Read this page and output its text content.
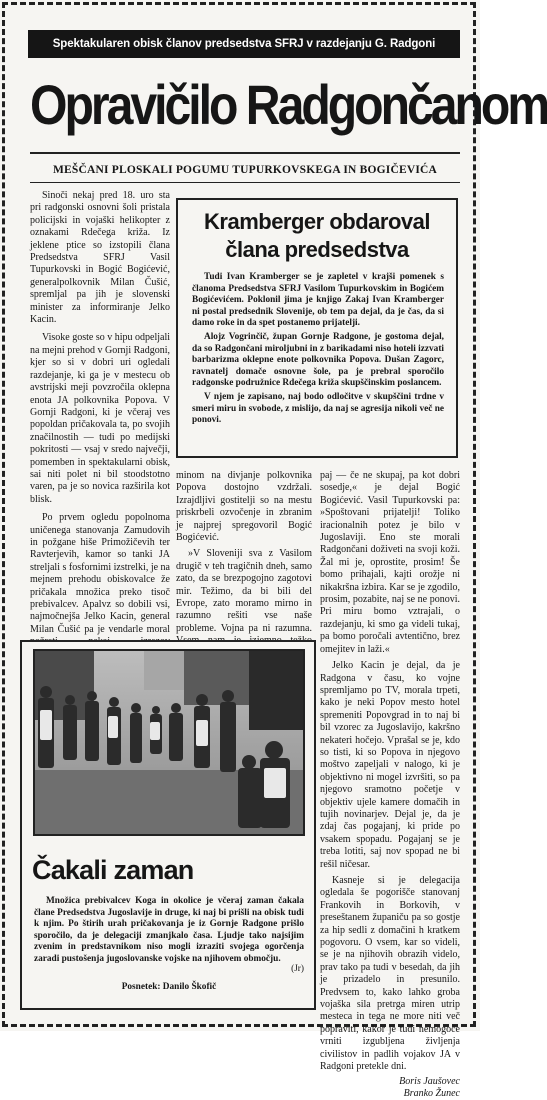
Spektakularen obisk članov predsedstva SFRJ v razdejanju G. Radgoni
Opravičilo Radgončanom
MEŠČANI PLOSKALI POGUMU TUPURKOVSKEGA IN BOGIČEVIĆA

Sinoči nekaj pred 18. uro sta pri radgonski osnovni šoli pristala policijski in vojaški helikopter z oznakami Rdečega križa. Iz jeklene ptice so izstopili člana Predsedstva SFRJ Vasil Tupurkovski in Bogić Bogićević, generalpolkovnik Milan Čušić, spremljal pa jih je slovenski minister za informiranje Jelko Kacin.

Visoke goste so v hipu odpeljali na mejni prehod v Gornji Radgoni, kjer so si v dobri uri ogledali razdejanje, ki ga je v mestecu ob avstrijski meji povzročila oklepna enota JA polkovnika Popova. V Gornji Radgoni, ki je včeraj ves popoldan pričakovala ta, po svojih značilnostih — tudi po medijski pokritosti — vsaj v sredo največji, pomemben in spektakularni obisk, sai niti polet ni bil stoodstotno varen, pa je so novica razširila kot blisk.

Po prvem ogledu popolnoma uničenega stanovanja Zamudovih in požgane hiše Primožičevih ter Ravterjevih, kamor so tanki JA streljali s fosfornimi izstrelki, je na mejnem prehodu obiskovalce že pričakala množica preko tisoč prebivalcev. Apalvz so dobili vsi, najmočnejša Jelko Kacin, general Milan Čušić pa je vendarle moral

Kramberger obdaroval
člana predsedstva

Tudi Ivan Kramberger se je zapletel v krajši pomenek s članoma Predsedstva SFRJ Vasilom Tupurkovskim in Bogićem Bogićevićem. Poklonil jima je knjigo Zakaj Ivan Kramberger ni postal predsednik Slovenije, ob tem pa dejal, da je čas, da si damo roke in da spet postanemo prijatelji.

Alojz Vogrinčič, župan Gornje Radgone, je gostoma dejal, da so Radgončani miroljubni in z barikadami niso hoteli izzvati barbarizma oklepne enote polkovnika Popova. Dušan Zagorc, ravnatelj domače osnovne šole, pa je prebral sporočilo radgonske podružnice Rdečega križa skupščinskim poslancem.

V njem je zapisano, naj bodo odločitve v skupščini trdne v smeri miru in svobode, z mislijo, da naj se agresija nikoli več ne ponovi.

minom na divjanje polkovnika Popova dostojno vzdržali. Izrajdljivi gostitelji so na mestu priskrbeli ozvočenje in zbranim je najprej spregovoril Bogić Bogićević.

»V Sloveniji sva z Vasilom drugič v teh tragičnih dneh, samo zato, da se brezpogojno zagotovi mir. Težimo, da bi bili del Evrope, zato moramo mirno in razumno rešiti vse naše probleme. Vojna pa ni razumna.

paj — če ne skupaj, pa kot dobri sosedje,« je dejal Bogić Bogićević. Vasil Tupurkovski pa: »Spoštovani prijatelji! Toliko iracionalnih potez je bilo v Jugoslaviji. Eno ste morali Radgončani doživeti na svoji koži. Žal mi je, oprostite, prosim! Še bomo prihajali, kajti orožje ni nikakršna izbira. Kar se je zgodilo, prosim, pozabite, naj se ne ponovi. Pri miru bomo vztrajali, o razdejanju, ki smo ga videli tukaj, pa bomo poročali avtentično, brez omejitev in laži.«

Jelko Kacin je dejal, da je Radgona v času, ko vojne spremljamo po TV, morala trpeti, kako je neki Popov mesto hotel spremeniti Popovgrad in to naj bi bil vzorec za Jugoslavijo, kakršno nekateri hočejo. Vprašal se je, kdo so tisti, ki so Popova in njegovo moštvo zapeljali v nalogo, ki je objektivno ni mogel izvršiti, so pa njegovo sramotno početje v objektiv ujele kamere domačih in tujih novinarjev. Dejal je, da je zdaj čas pogajanj, ki pride po vsakem spopadu. Pogajanj se je treba lotiti, saj nov spopad ne bi rešil ničesar.

Kasneje si je delegacija ogledala še pogorišče stanovanj Frankovih in Borkovih, v preseštanem županiču pa so gostje za hip sedli z domačini h kratkem pogovoru. O vsem, kar so videli, se je na njihovih obrazih videlo, prav tako pa tudi v besedah, da jih je prizadelo in presunilo. Predvsem to, kako lahko groba vojaška sila pretrga miren utrip mesteca in tega ne more niti več popraviti, kakor je tudi nemogoče vrniti izgubljena življenja civilistov in padlih vojakov JA v Radgoni pretekle dni.

Boris Jaušovec
Branko Žunec
Čakali zaman

Množica prebivalcev Koga in okolice je včeraj zaman čakala člane Predsedstva Jugoslavije in druge, ki naj bi prišli na obisk tudi k njim. Po štirih urah pričakovanja je iz Gornje Radgone prišlo sporočilo, da je delegaciji zmanjkalo časa. Ljudje tako najsijim zvenim in predstavnikom niso mogli izraziti svojega ogorčenja zaradi pustošenja jugoslovanske vojske na njihovem območju.

(Jr)
Posnetek: Danilo Škofič
